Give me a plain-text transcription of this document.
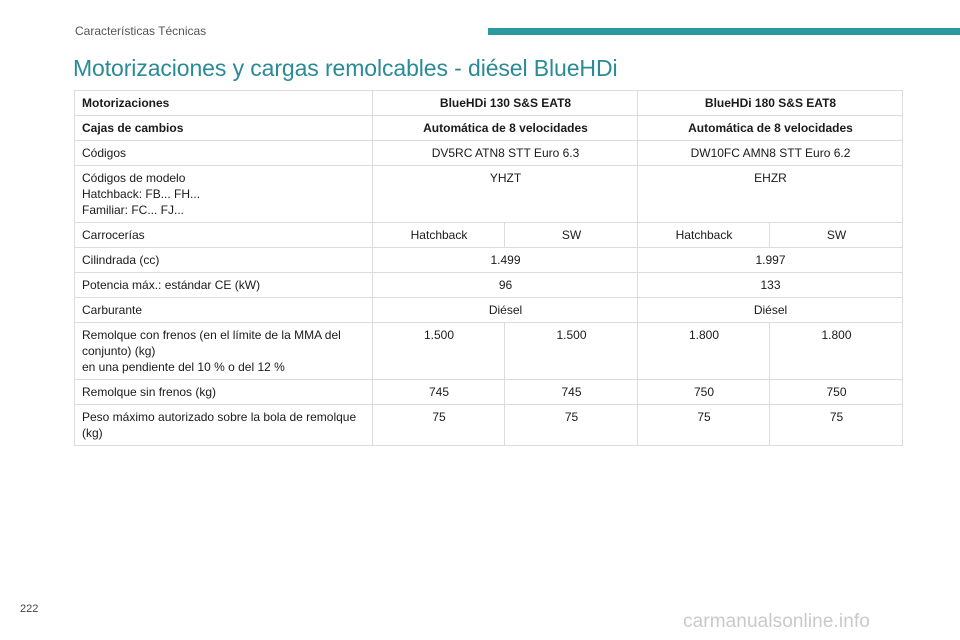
Características Técnicas
Motorizaciones y cargas remolcables - diésel BlueHDi
Motorizaciones	BlueHDi 130 S&S EAT8		BlueHDi 180 S&S EAT8	
Cajas de cambios	Automática de 8 velocidades		Automática de 8 velocidades	
Códigos	DV5RC ATN8 STT Euro 6.3		DW10FC AMN8 STT Euro 6.2	

Códigos de modelo
Hatchback: FB... FH...
Familiar: FC... FJ...	YHZT		EHZR	
Carrocerías	Hatchback	SW	Hatchback	SW
Cilindrada (cc)	1.499		1.997	
Potencia máx.: estándar CE (kW)	96		133	
Carburante	Diésel		Diésel	

Remolque con frenos (en el límite de la MMA del conjunto) (kg)
en una pendiente del 10 % o del 12 %	1.500	1.500	1.800	1.800
Remolque sin frenos (kg)	745	745	750	750
Peso máximo autorizado sobre la bola de remolque (kg)	75	75	75	75
222
carmanualsonline.info
